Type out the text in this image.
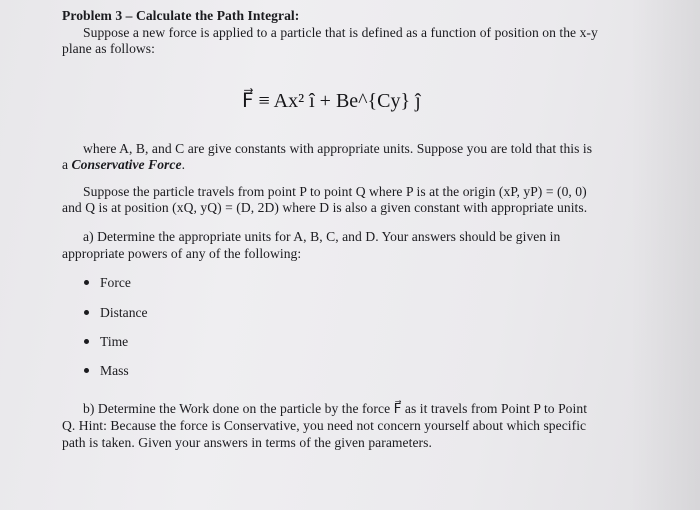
Problem 3 – Calculate the Path Integral:
Suppose a new force is applied to a particle that is defined as a function of position on the x-y
plane as follows:
F⃗ ≡ Ax² î + Be^{Cy} ĵ
where A, B, and C are give constants with appropriate units. Suppose you are told that this is
a Conservative Force.
Suppose the particle travels from point P to point Q where P is at the origin (xP, yP) = (0, 0)
and Q is at position (xQ, yQ) = (D, 2D) where D is also a given constant with appropriate units.
a) Determine the appropriate units for A, B, C, and D. Your answers should be given in
appropriate powers of any of the following:
Force
Distance
Time
Mass
b) Determine the Work done on the particle by the force F⃗ as it travels from Point P to Point
Q. Hint: Because the force is Conservative, you need not concern yourself about which specific
path is taken. Given your answers in terms of the given parameters.
